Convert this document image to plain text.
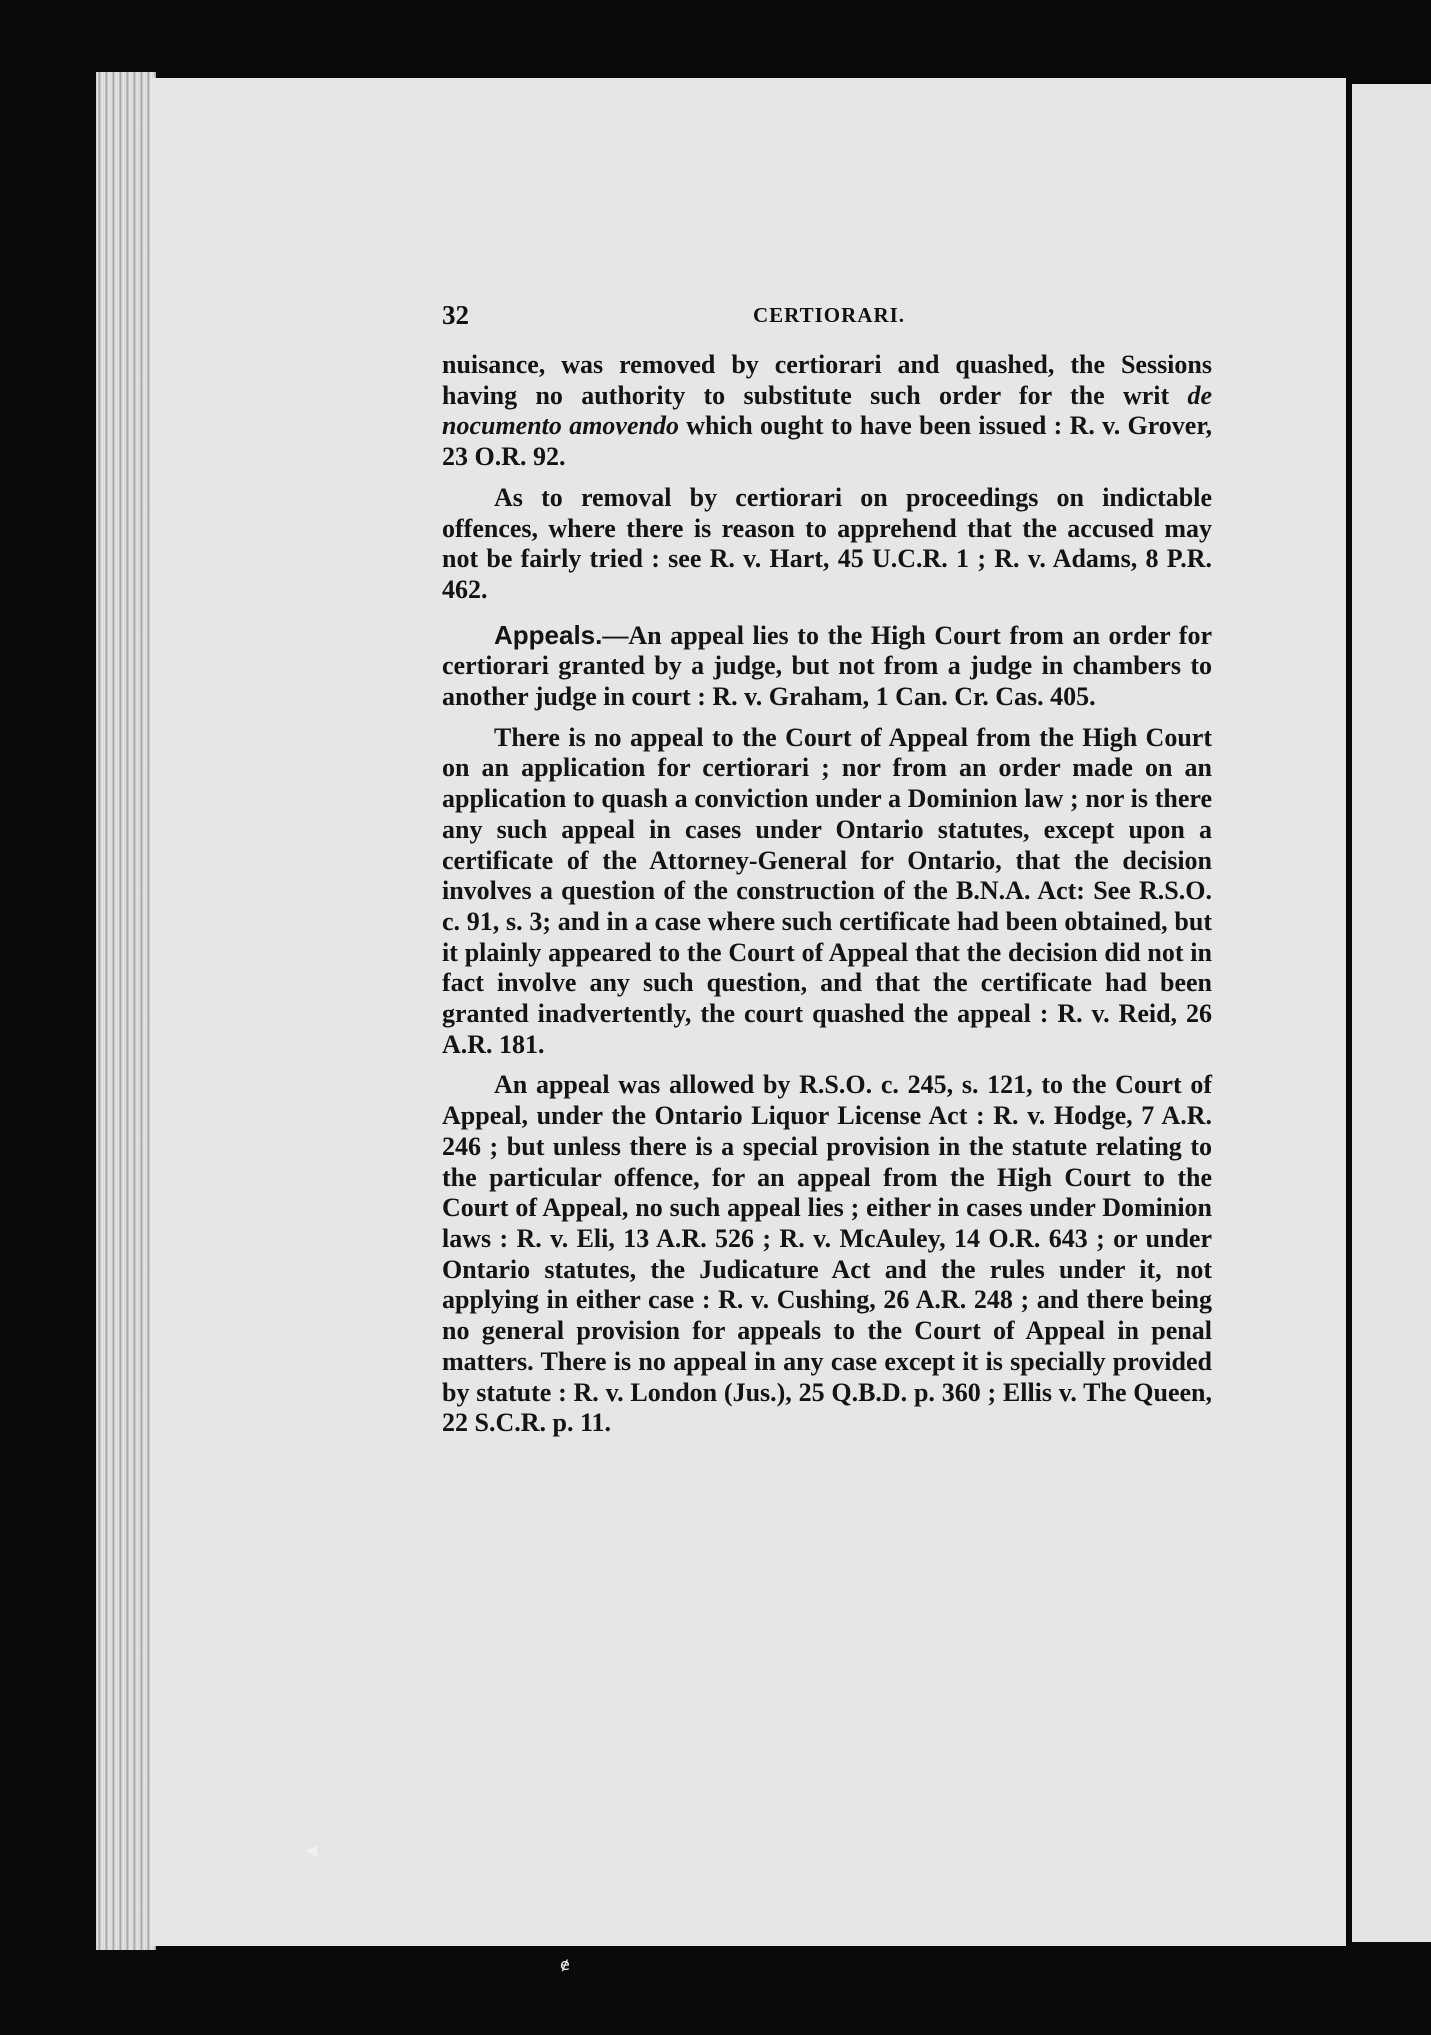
32	CERTIORARI.

nuisance, was removed by certiorari and quashed, the Sessions having no authority to substitute such order for the writ de nocumento amovendo which ought to have been issued : R. v. Grover, 23 O.R. 92.

As to removal by certiorari on proceedings on indictable offences, where there is reason to apprehend that the accused may not be fairly tried : see R. v. Hart, 45 U.C.R. 1 ; R. v. Adams, 8 P.R. 462.

Appeals.—An appeal lies to the High Court from an order for certiorari granted by a judge, but not from a judge in chambers to another judge in court : R. v. Graham, 1 Can. Cr. Cas. 405.

There is no appeal to the Court of Appeal from the High Court on an application for certiorari ; nor from an order made on an application to quash a conviction under a Dominion law ; nor is there any such appeal in cases under Ontario statutes, except upon a certificate of the Attorney-General for Ontario, that the decision involves a question of the construction of the B.N.A. Act: See R.S.O. c. 91, s. 3; and in a case where such certificate had been obtained, but it plainly appeared to the Court of Appeal that the decision did not in fact involve any such question, and that the certificate had been granted inadvertently, the court quashed the appeal : R. v. Reid, 26 A.R. 181.

An appeal was allowed by R.S.O. c. 245, s. 121, to the Court of Appeal, under the Ontario Liquor License Act : R. v. Hodge, 7 A.R. 246 ; but unless there is a special provision in the statute relating to the particular offence, for an appeal from the High Court to the Court of Appeal, no such appeal lies ; either in cases under Dominion laws : R. v. Eli, 13 A.R. 526 ; R. v. McAuley, 14 O.R. 643 ; or under Ontario statutes, the Judicature Act and the rules under it, not applying in either case : R. v. Cushing, 26 A.R. 248 ; and there being no general provision for appeals to the Court of Appeal in penal matters. There is no appeal in any case except it is specially provided by statute : R. v. London (Jus.), 25 Q.B.D. p. 360 ; Ellis v. The Queen, 22 S.C.R. p. 11.

◂
ɇ
